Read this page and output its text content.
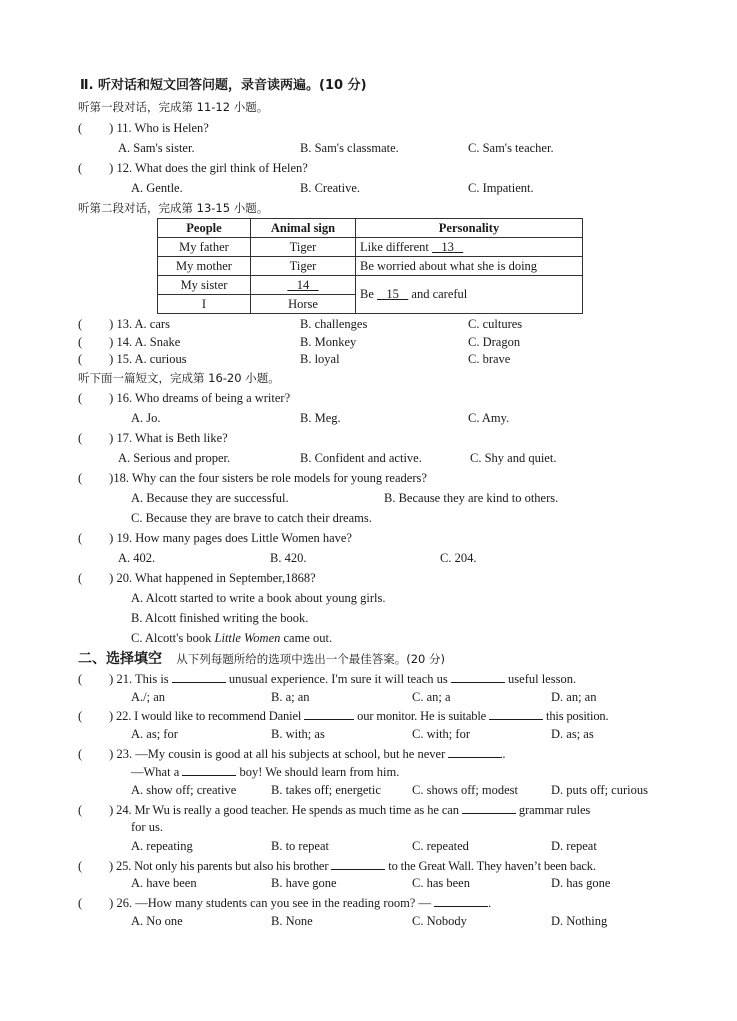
Ⅱ. 听对话和短文回答问题，录音读两遍。(10 分)
听第一段对话，完成第 11-12 小题。
( ) 11. Who is Helen?
A. Sam's sister.	B. Sam's classmate.	C. Sam's teacher.
( ) 12. What does the girl think of Helen?
A. Gentle.	B. Creative.	C. Impatient.
听第二段对话，完成第 13-15 小题。
People	Animal sign	Personality
My father	Tiger	Like different    13
My mother	Tiger	Be worried about what she is doing
My sister	14	Be    15    and careful
I	Horse	
( ) 13. A. cars	B. challenges	C. cultures
( ) 14. A. Snake	B. Monkey	C. Dragon
( ) 15. A. curious	B. loyal	C. brave
听下面一篇短文，完成第 16-20 小题。
( ) 16. Who dreams of being a writer?
A. Jo.	B. Meg.	C. Amy.
( ) 17. What is Beth like?
A. Serious and proper.	B. Confident and active.	C. Shy and quiet.
( )18. Why can the four sisters be role models for young readers?
A. Because they are successful.	B. Because they are kind to others.
C. Because they are brave to catch their dreams.
( ) 19. How many pages does Little Women have?
A. 402.	B. 420.	C. 204.
( ) 20. What happened in September,1868?
A. Alcott started to write a book about young girls.
B. Alcott finished writing the book.
C. Alcott's book Little Women came out.
二、选择填空 从下列每题所给的选项中选出一个最佳答案。(20 分)
( ) 21. This is	unusual experience. I'm sure it will teach us	useful lesson.
A./; an	B. a; an	C. an; a	D. an; an
( ) 22. I would like to recommend Daniel	our monitor. He is suitable	this position.
A. as; for	B. with; as	C. with; for	D. as; as
( ) 23. —My cousin is good at all his subjects at school, but he never	.
—What a	boy! We should learn from him.
A. show off; creative	B. takes off; energetic C. shows off; modest	D. puts off; curious
( ) 24. Mr Wu is really a good teacher. He spends as much time as he can	grammar rules
for us.
A. repeating	B. to repeat	C. repeated	D. repeat
( ) 25. Not only his parents but also his brother	to the Great Wall. They haven’t been back.
A. have been	B. have gone	C. has been	D. has gone
( ) 26. —How many students can you see in the reading room? —	.
A. No one	B. None	C. Nobody	D. Nothing
